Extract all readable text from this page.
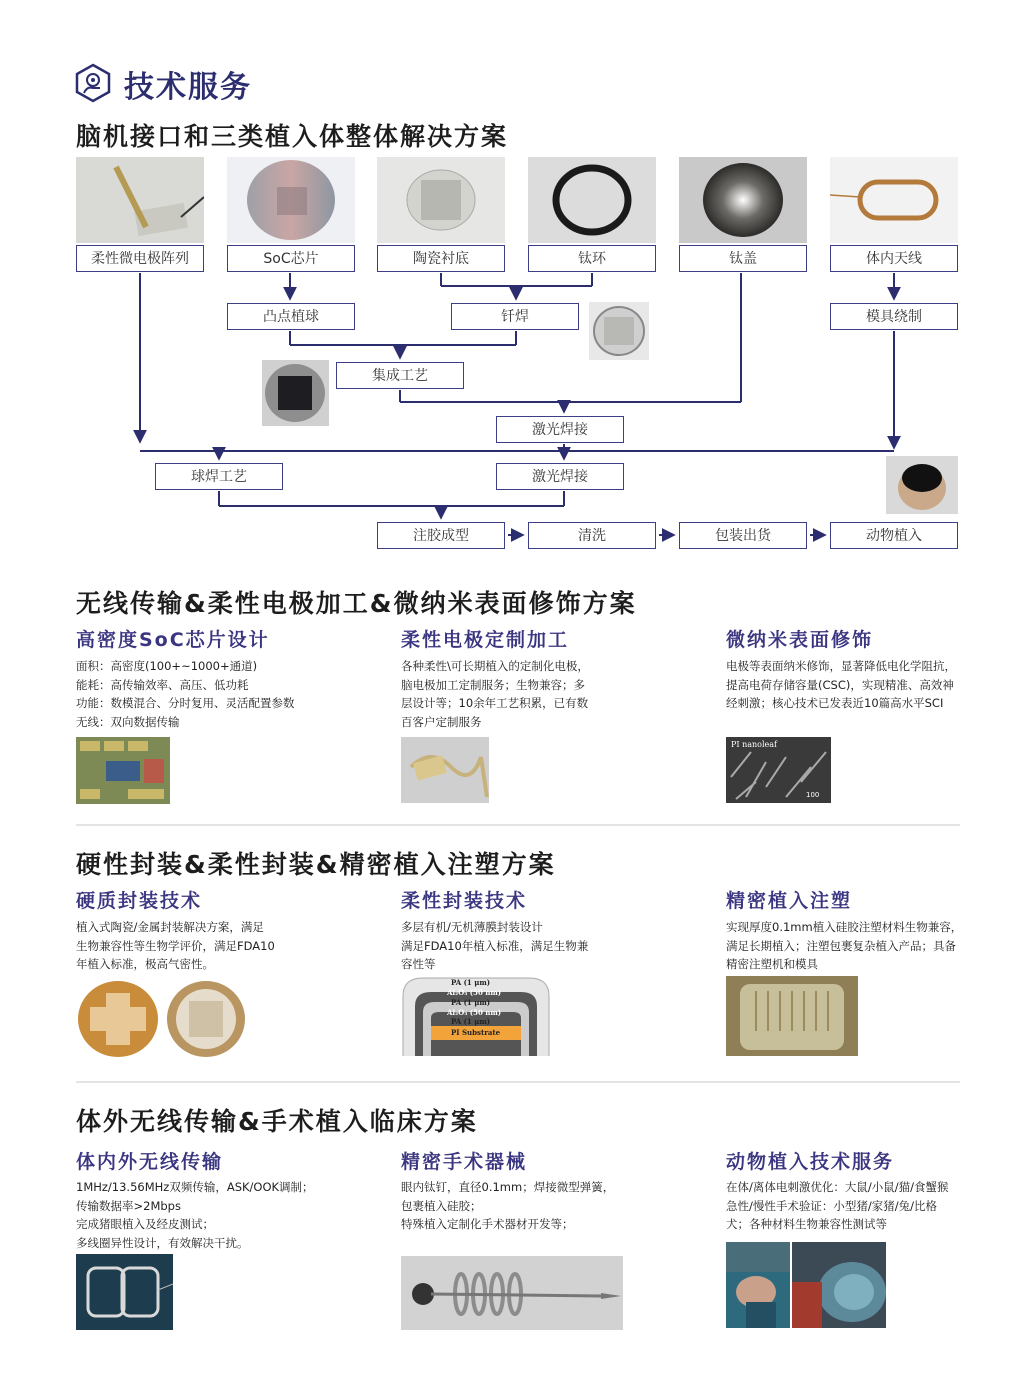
技术服务
脑机接口和三类植入体整体解决方案
柔性微电极阵列	SoC芯片	陶瓷衬底	钛环	钛盖	体内天线
凸点植球	钎焊	模具绕制
集成工艺
激光焊接
球焊工艺	激光焊接
注胶成型	清洗	包装出货	动物植入
无线传输&柔性电极加工&微纳米表面修饰方案
高密度SoC芯片设计
面积：高密度(100+~1000+通道)
能耗：高传输效率、高压、低功耗
功能：数模混合、分时复用、灵活配置参数
无线：双向数据传输
柔性电极定制加工
各种柔性\可长期植入的定制化电极，
脑电极加工定制服务；生物兼容；多
层设计等；10余年工艺积累，已有数
百客户定制服务
微纳米表面修饰
电极等表面纳米修饰，显著降低电化学阻抗，
提高电荷存储容量(CSC)，实现精准、高效神
经刺激；核心技术已发表近10篇高水平SCI
PI nanoleaf
100
硬性封装&柔性封装&精密植入注塑方案
硬质封装技术
植入式陶瓷/金属封装解决方案，满足
生物兼容性等生物学评价，满足FDA10
年植入标准，极高气密性。
柔性封装技术
多层有机/无机薄膜封装设计
满足FDA10年植入标准，满足生物兼
容性等
PA (1 μm)
Al₂O₃ (50 nm)
PA (1 μm)
Al₂O₃ (50 nm)
PA (1 μm)
PI Substrate
精密植入注塑
实现厚度0.1mm植入硅胶注塑材料生物兼容，
满足长期植入；注塑包裹复杂植入产品；具备
精密注塑机和模具
体外无线传输&手术植入临床方案
体内外无线传输
1MHz/13.56MHz双频传输，ASK/OOK调制；
传输数据率>2Mbps
完成猪眼植入及经皮测试；
多线圈异性设计，有效解决干扰。
精密手术器械
眼内钛钉，直径0.1mm；焊接微型弹簧，
包裹植入硅胶；
特殊植入定制化手术器材开发等；
动物植入技术服务
在体/离体电刺激优化：大鼠/小鼠/猫/食蟹猴
急性/慢性手术验证：小型猪/家猪/兔/比格
犬；各种材料生物兼容性测试等
